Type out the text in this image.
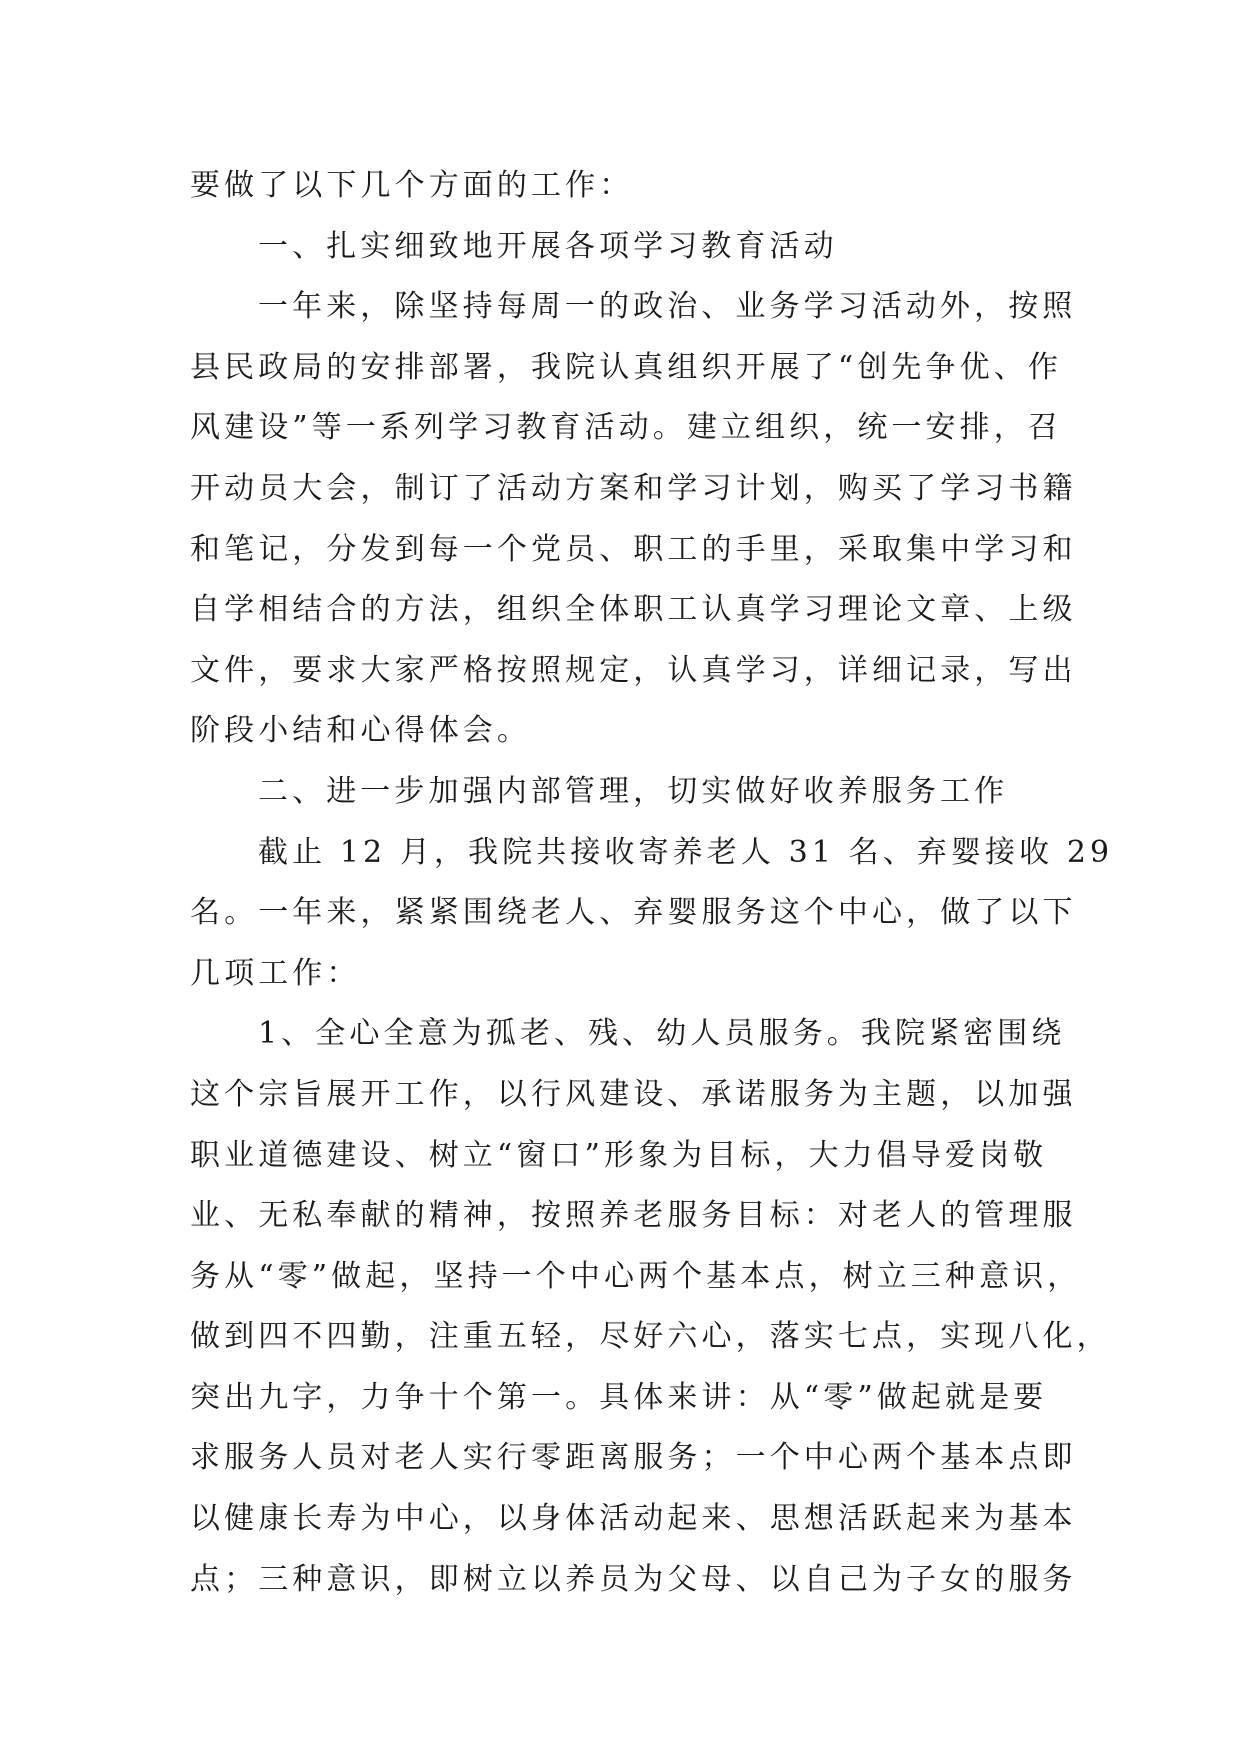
要做了以下几个方面的工作：
一、扎实细致地开展各项学习教育活动
一年来，除坚持每周一的政治、业务学习活动外，按照
县民政局的安排部署，我院认真组织开展了“创先争优、作
风建设”等一系列学习教育活动。建立组织，统一安排，召
开动员大会，制订了活动方案和学习计划，购买了学习书籍
和笔记，分发到每一个党员、职工的手里，采取集中学习和
自学相结合的方法，组织全体职工认真学习理论文章、上级
文件，要求大家严格按照规定，认真学习，详细记录，写出
阶段小结和心得体会。
二、进一步加强内部管理，切实做好收养服务工作
截止 12 月，我院共接收寄养老人 31 名、弃婴接收 29
名。一年来，紧紧围绕老人、弃婴服务这个中心，做了以下
几项工作：
1、全心全意为孤老、残、幼人员服务。我院紧密围绕
这个宗旨展开工作，以行风建设、承诺服务为主题，以加强
职业道德建设、树立“窗口”形象为目标，大力倡导爱岗敬
业、无私奉献的精神，按照养老服务目标：对老人的管理服
务从“零”做起，坚持一个中心两个基本点，树立三种意识，
做到四不四勤，注重五轻，尽好六心，落实七点，实现八化，
突出九字，力争十个第一。具体来讲：从“零”做起就是要
求服务人员对老人实行零距离服务；一个中心两个基本点即
以健康长寿为中心，以身体活动起来、思想活跃起来为基本
点；三种意识，即树立以养员为父母、以自己为子女的服务
